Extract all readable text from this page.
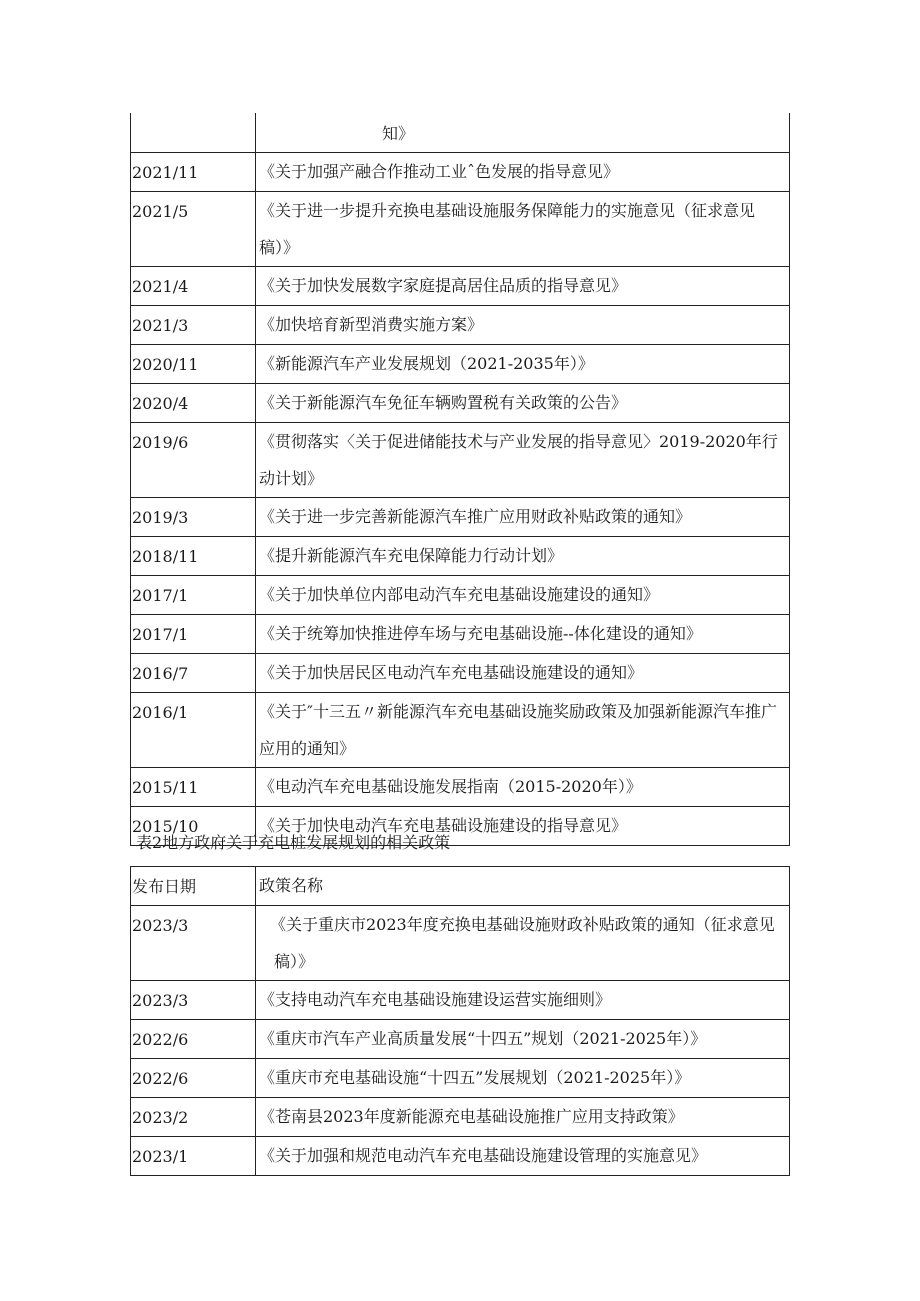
	知》
2021/11	《关于加强产融合作推动工业ˆ色发展的指导意见》
2021/5	《关于进一步提升充换电基础设施服务保障能力的实施意见（征求意见稿）》
2021/4	《关于加快发展数字家庭提高居住品质的指导意见》
2021/3	《加快培育新型消费实施方案》
2020/11	《新能源汽车产业发展规划（2021-2035年）》
2020/4	《关于新能源汽车免征车辆购置税有关政策的公告》
2019/6	《贯彻落实〈关于促进储能技术与产业发展的指导意见〉2019-2020年行动计划》
2019/3	《关于进一步完善新能源汽车推广应用财政补贴政策的通知》
2018/11	《提升新能源汽车充电保障能力行动计划》
2017/1	《关于加快单位内部电动汽车充电基础设施建设的通知》
2017/1	《关于统筹加快推进停车场与充电基础设施--体化建设的通知》
2016/7	《关于加快居民区电动汽车充电基础设施建设的通知》
2016/1	《关于″十三五〃新能源汽车充电基础设施奖励政策及加强新能源汽车推广应用的通知》
2015/11	《电动汽车充电基础设施发展指南（2015-2020年）》
2015/10	《关于加快电动汽车充电基础设施建设的指导意见》
表2地方政府关于充电桩发展规划的相关政策
发布日期	政策名称
2023/3	《关于重庆市2023年度充换电基础设施财政补贴政策的通知（征求意见稿）》
2023/3	《支持电动汽车充电基础设施建设运营实施细则》
2022/6	《重庆市汽车产业高质量发展“十四五”规划（2021-2025年）》
2022/6	《重庆市充电基础设施“十四五”发展规划（2021-2025年）》
2023/2	《苍南县2023年度新能源充电基础设施推广应用支持政策》
2023/1	《关于加强和规范电动汽车充电基础设施建设管理的实施意见》
